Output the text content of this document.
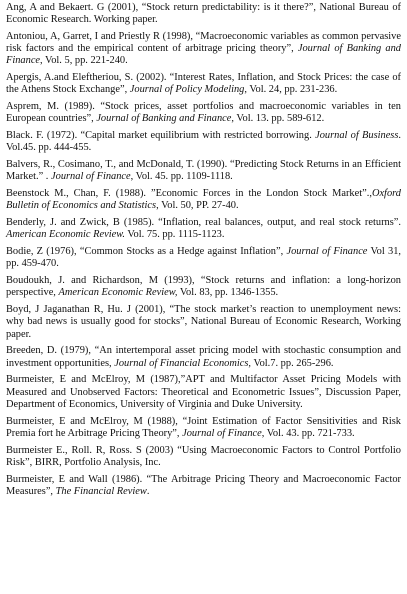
Ang, A and Bekaert. G (2001), “Stock return predictability: is it there?”, National Bureau of Economic Research. Working paper.

Antoniou, A, Garret, I and Priestly R (1998), “Macroeconomic variables as common pervasive risk factors and the empirical content of arbitrage pricing theory”, Journal of Banking and Finance, Vol. 5, pp. 221-240.

Apergis, A.and Eleftheriou, S. (2002). “Interest Rates, Inflation, and Stock Prices: the case of the Athens Stock Exchange”, Journal of Policy Modeling, Vol. 24, pp. 231-236.

Asprem, M. (1989). “Stock prices, asset portfolios and macroeconomic variables in ten European countries”, Journal of Banking and Finance, Vol. 13. pp. 589-612.

Black. F. (1972). “Capital market equilibrium with restricted borrowing. Journal of Business. Vol.45. pp. 444-455.

Balvers, R., Cosimano, T., and McDonald, T. (1990). “Predicting Stock Returns in an Efficient Market.” . Journal of Finance, Vol. 45. pp. 1109-1118.

Beenstock M., Chan, F. (1988). ”Economic Forces in the London Stock Market”.,Oxford Bulletin of Economics and Statistics, Vol. 50, PP. 27-40.

Benderly, J. and Zwick, B (1985). “Inflation, real balances, output, and real stock returns”. American Economic Review. Vol. 75. pp. 1115-1123.

Bodie, Z (1976), “Common Stocks as a Hedge against Inflation”, Journal of Finance Vol 31, pp. 459-470.

Boudoukh, J. and Richardson, M (1993), “Stock returns and inflation: a long-horizon perspective, American Economic Review, Vol. 83, pp. 1346-1355.

Boyd, J Jaganathan R, Hu. J (2001), “The stock market’s reaction to unemployment news: why bad news is usually good for stocks”, National Bureau of Economic Research, Working paper.

Breeden, D. (1979), “An intertemporal asset pricing model with stochastic consumption and investment opportunities, Journal of Financial Economics, Vol.7. pp. 265-296.

Burmeister, E and McElroy, M (1987),”APT and Multifactor Asset Pricing Models with Measured and Unobserved Factors: Theoretical and Econometric Issues”, Discussion Paper, Department of Economics, University of Virginia and Duke University.

Burmeister, E and McElroy, M (1988), “Joint Estimation of Factor Sensitivities and Risk Premia fort he Arbitrage Pricing Theory”, Journal of Finance, Vol. 43. pp. 721-733.

Burmeister E., Roll. R, Ross. S (2003) “Using Macroeconomic Factors to Control Portfolio Risk”, BIRR, Portfolio Analysis, Inc.

Burmeister, E and Wall (1986). “The Arbitrage Pricing Theory and Macroeconomic Factor Measures”, The Financial Review.
